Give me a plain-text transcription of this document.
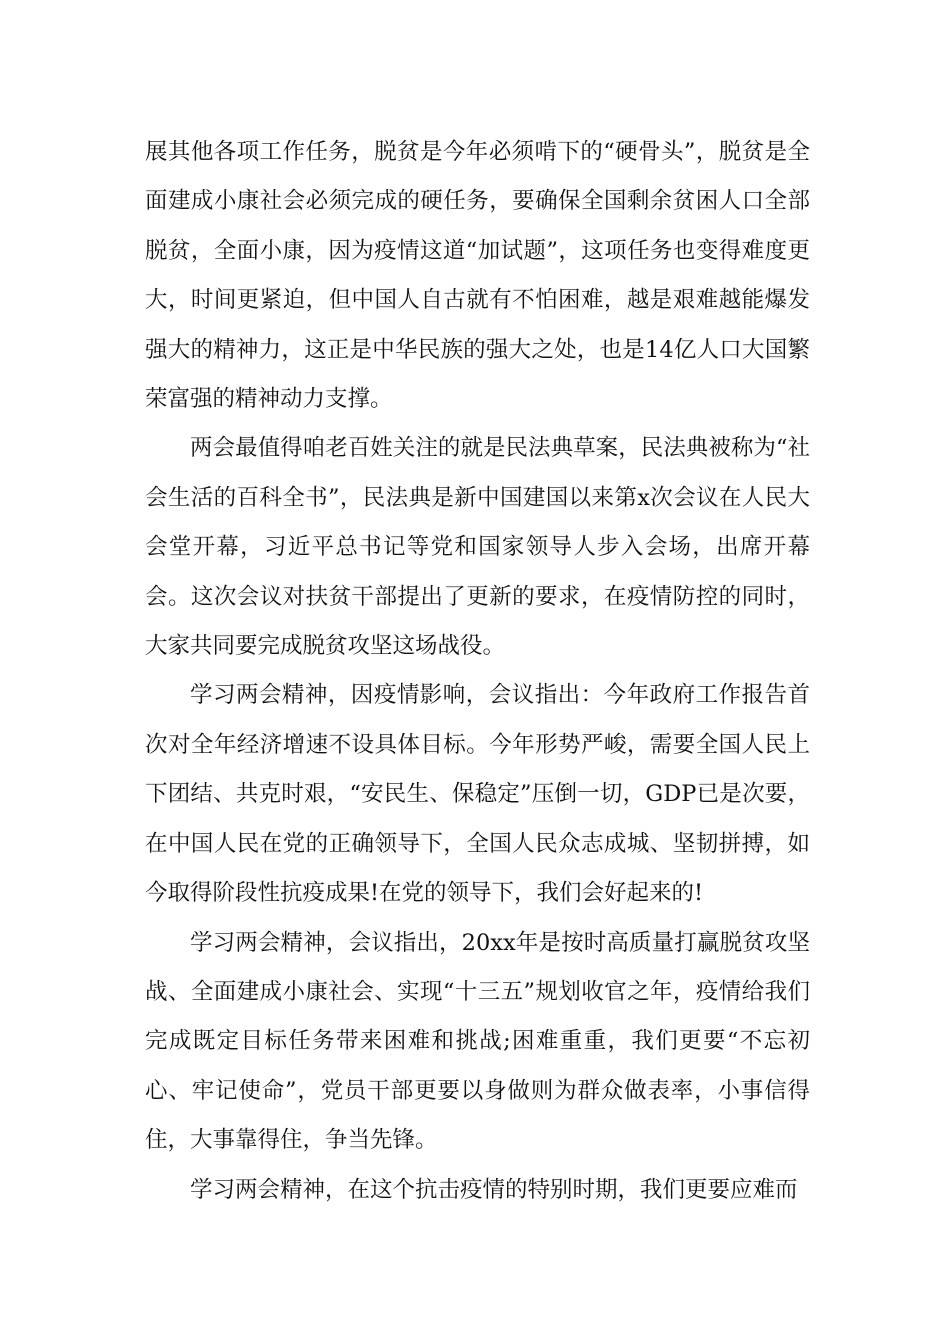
展其他各项工作任务，脱贫是今年必须啃下的“硬骨头”，脱贫是全面建成小康社会必须完成的硬任务，要确保全国剩余贫困人口全部脱贫，全面小康，因为疫情这道“加试题”，这项任务也变得难度更大，时间更紧迫，但中国人自古就有不怕困难，越是艰难越能爆发强大的精神力，这正是中华民族的强大之处，也是14亿人口大国繁荣富强的精神动力支撑。

两会最值得咱老百姓关注的就是民法典草案，民法典被称为“社会生活的百科全书”，民法典是新中国建国以来第x次会议在人民大会堂开幕，习近平总书记等党和国家领导人步入会场，出席开幕会。这次会议对扶贫干部提出了更新的要求，在疫情防控的同时，大家共同要完成脱贫攻坚这场战役。

学习两会精神，因疫情影响，会议指出：今年政府工作报告首次对全年经济增速不设具体目标。今年形势严峻，需要全国人民上下团结、共克时艰，“安民生、保稳定”压倒一切，GDP已是次要，在中国人民在党的正确领导下，全国人民众志成城、坚韧拼搏，如今取得阶段性抗疫成果!在党的领导下，我们会好起来的!

学习两会精神，会议指出，20xx年是按时高质量打赢脱贫攻坚战、全面建成小康社会、实现“十三五”规划收官之年，疫情给我们完成既定目标任务带来困难和挑战;困难重重，我们更要“不忘初心、牢记使命”，党员干部更要以身做则为群众做表率，小事信得住，大事靠得住，争当先锋。

学习两会精神，在这个抗击疫情的特别时期，我们更要应难而
